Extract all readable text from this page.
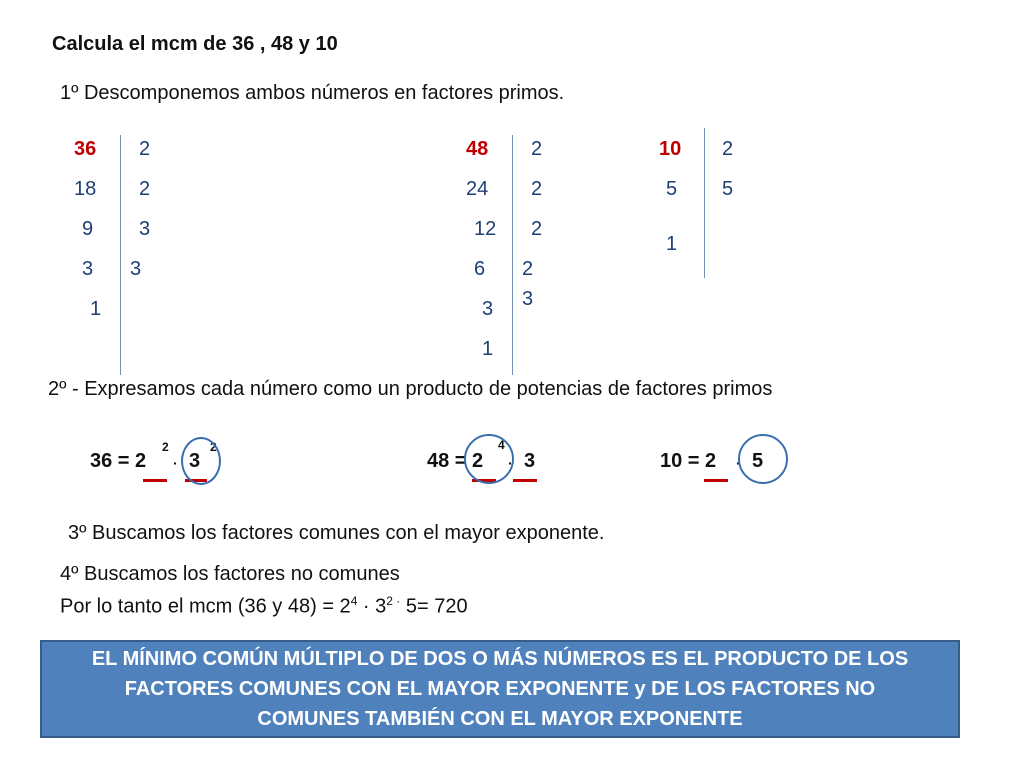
Calcula el mcm de 36 , 48 y 10
1º Descomponemos ambos números en factores primos.
36
18
9
3
1
2
2
3
3
48
24
12
6
3
1
2
2
2
2
3
10
5
1
2
5
2º - Expresamos cada número como un producto de potencias de factores primos
36 = 2
2
· 3
2
48 = 2
4
· 3	10 = 2 · 5
3º Buscamos los factores comunes con el mayor exponente.
4º Buscamos los factores no comunes
Por lo tanto el mcm (36 y $48) = 2^4 \cdot 3^{2 \cdot}$ 5= 720
EL MÍNIMO COMÚN MÚLTIPLO DE DOS O MÁS NÚMEROS ES EL PRODUCTO DE LOS
FACTORES COMUNES CON EL MAYOR EXPONENTE y DE LOS FACTORES NO
COMUNES TAMBIÉN CON EL MAYOR EXPONENTE
